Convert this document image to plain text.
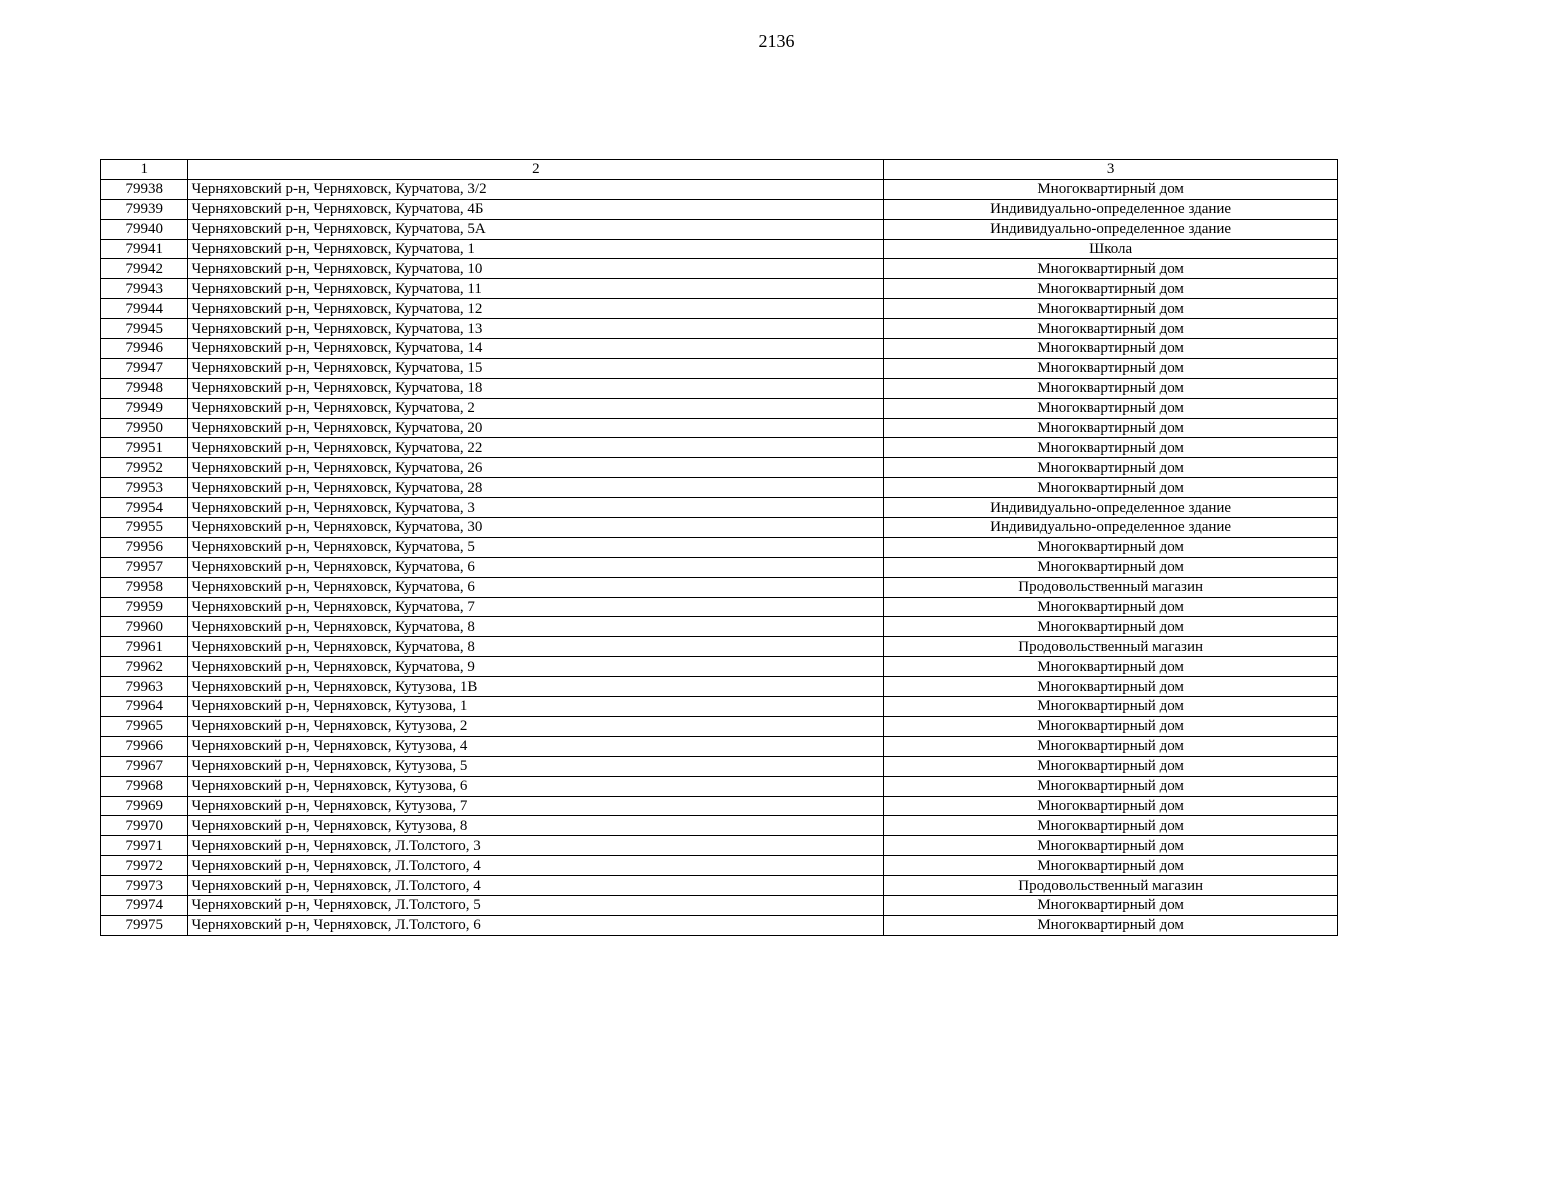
2136
1	2	3
79938	Черняховский р-н, Черняховск, Курчатова, 3/2	Многоквартирный дом
79939	Черняховский р-н, Черняховск, Курчатова, 4Б	Индивидуально-определенное здание
79940	Черняховский р-н, Черняховск, Курчатова, 5А	Индивидуально-определенное здание
79941	Черняховский р-н, Черняховск, Курчатова, 1	Школа
79942	Черняховский р-н, Черняховск, Курчатова, 10	Многоквартирный дом
79943	Черняховский р-н, Черняховск, Курчатова, 11	Многоквартирный дом
79944	Черняховский р-н, Черняховск, Курчатова, 12	Многоквартирный дом
79945	Черняховский р-н, Черняховск, Курчатова, 13	Многоквартирный дом
79946	Черняховский р-н, Черняховск, Курчатова, 14	Многоквартирный дом
79947	Черняховский р-н, Черняховск, Курчатова, 15	Многоквартирный дом
79948	Черняховский р-н, Черняховск, Курчатова, 18	Многоквартирный дом
79949	Черняховский р-н, Черняховск, Курчатова, 2	Многоквартирный дом
79950	Черняховский р-н, Черняховск, Курчатова, 20	Многоквартирный дом
79951	Черняховский р-н, Черняховск, Курчатова, 22	Многоквартирный дом
79952	Черняховский р-н, Черняховск, Курчатова, 26	Многоквартирный дом
79953	Черняховский р-н, Черняховск, Курчатова, 28	Многоквартирный дом
79954	Черняховский р-н, Черняховск, Курчатова, 3	Индивидуально-определенное здание
79955	Черняховский р-н, Черняховск, Курчатова, 30	Индивидуально-определенное здание
79956	Черняховский р-н, Черняховск, Курчатова, 5	Многоквартирный дом
79957	Черняховский р-н, Черняховск, Курчатова, 6	Многоквартирный дом
79958	Черняховский р-н, Черняховск, Курчатова, 6	Продовольственный магазин
79959	Черняховский р-н, Черняховск, Курчатова, 7	Многоквартирный дом
79960	Черняховский р-н, Черняховск, Курчатова, 8	Многоквартирный дом
79961	Черняховский р-н, Черняховск, Курчатова, 8	Продовольственный магазин
79962	Черняховский р-н, Черняховск, Курчатова, 9	Многоквартирный дом
79963	Черняховский р-н, Черняховск, Кутузова, 1В	Многоквартирный дом
79964	Черняховский р-н, Черняховск, Кутузова, 1	Многоквартирный дом
79965	Черняховский р-н, Черняховск, Кутузова, 2	Многоквартирный дом
79966	Черняховский р-н, Черняховск, Кутузова, 4	Многоквартирный дом
79967	Черняховский р-н, Черняховск, Кутузова, 5	Многоквартирный дом
79968	Черняховский р-н, Черняховск, Кутузова, 6	Многоквартирный дом
79969	Черняховский р-н, Черняховск, Кутузова, 7	Многоквартирный дом
79970	Черняховский р-н, Черняховск, Кутузова, 8	Многоквартирный дом
79971	Черняховский р-н, Черняховск, Л.Толстого, 3	Многоквартирный дом
79972	Черняховский р-н, Черняховск, Л.Толстого, 4	Многоквартирный дом
79973	Черняховский р-н, Черняховск, Л.Толстого, 4	Продовольственный магазин
79974	Черняховский р-н, Черняховск, Л.Толстого, 5	Многоквартирный дом
79975	Черняховский р-н, Черняховск, Л.Толстого, 6	Многоквартирный дом
